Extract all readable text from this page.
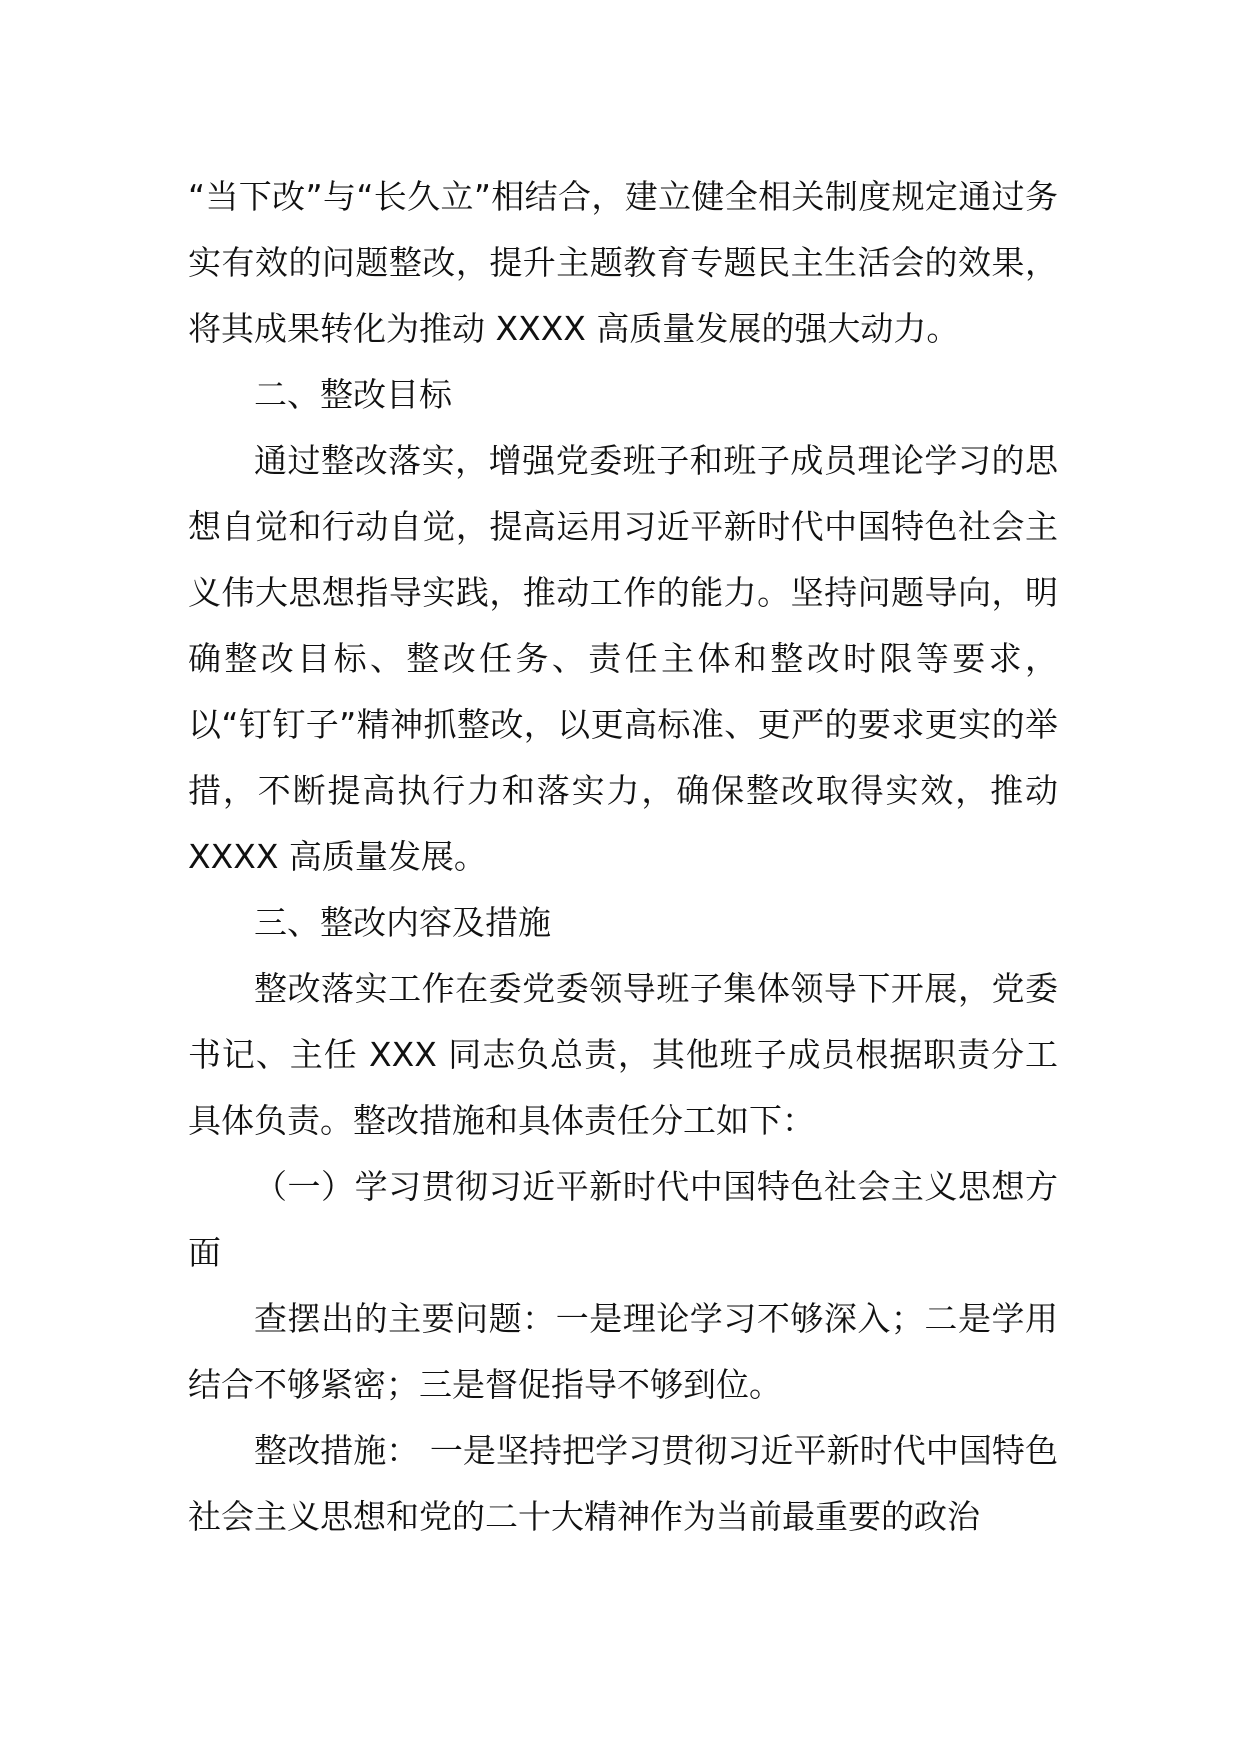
“当下改”与“长久立”相结合，建立健全相关制度规定通过务实有效的问题整改，提升主题教育专题民主生活会的效果，将其成果转化为推动 XXXX 高质量发展的强大动力。

二、整改目标

通过整改落实，增强党委班子和班子成员理论学习的思想自觉和行动自觉，提高运用习近平新时代中国特色社会主义伟大思想指导实践，推动工作的能力。坚持问题导向，明确整改目标、整改任务、责任主体和整改时限等要求，以“钉钉子”精神抓整改，以更高标准、更严的要求更实的举措，不断提高执行力和落实力，确保整改取得实效，推动 XXXX 高质量发展。

三、整改内容及措施

整改落实工作在委党委领导班子集体领导下开展，党委书记、主任 XXX 同志负总责，其他班子成员根据职责分工具体负责。整改措施和具体责任分工如下：

（一）学习贯彻习近平新时代中国特色社会主义思想方面

查摆出的主要问题：一是理论学习不够深入；二是学用结合不够紧密；三是督促指导不够到位。

整改措施： 一是坚持把学习贯彻习近平新时代中国特色社会主义思想和党的二十大精神作为当前最重要的政治
